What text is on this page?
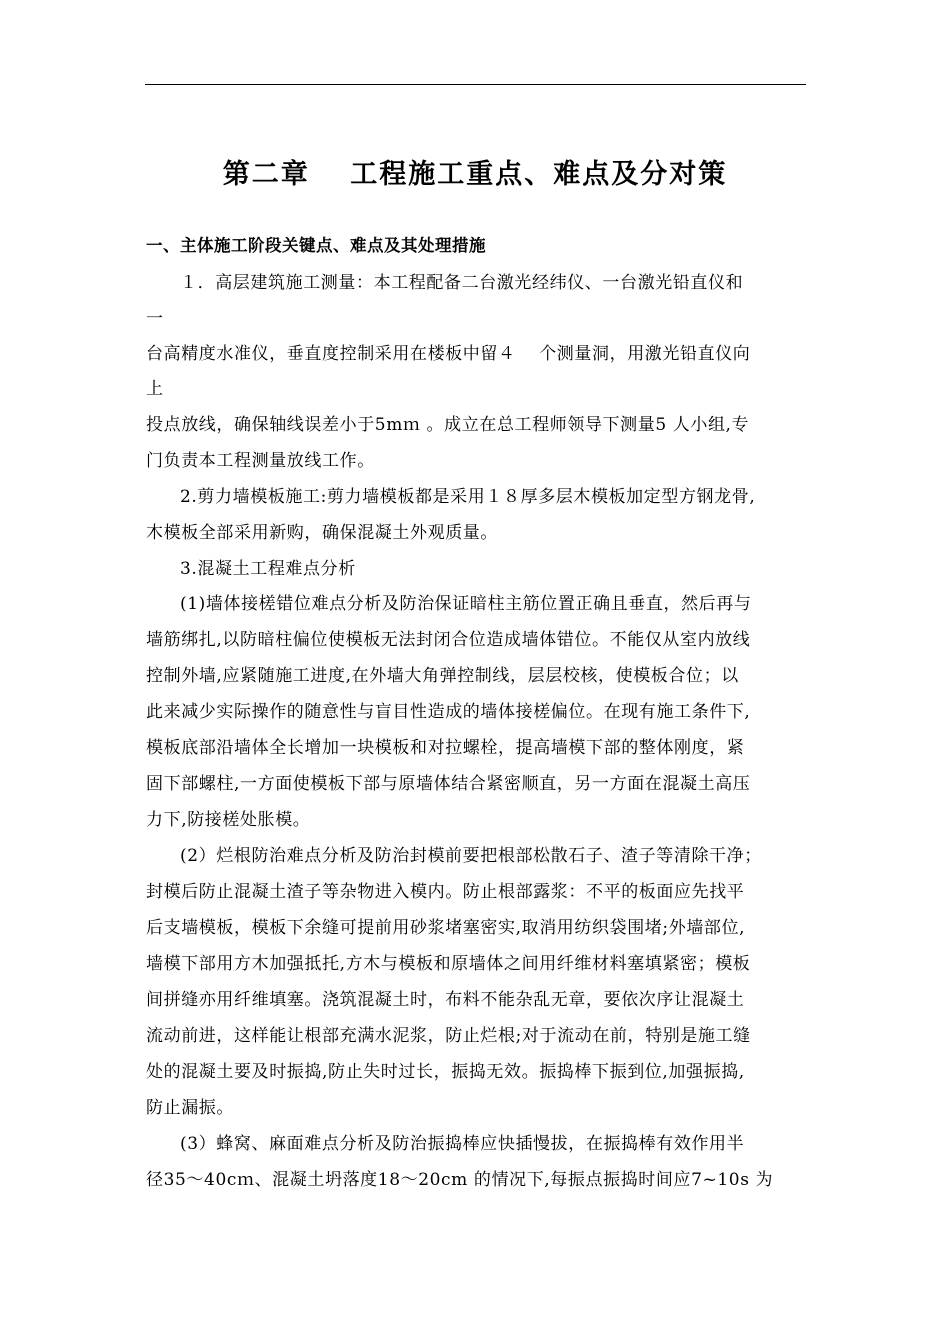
第二章　 工程施工重点、难点及分对策
一、主体施工阶段关键点、难点及其处理措施
１．高层建筑施工测量：本工程配备二台激光经纬仪、一台激光铅直仪和
一
台高精度水准仪，垂直度控制采用在楼板中留４　 个测量洞，用激光铅直仪向
上
投点放线，确保轴线误差小于5mｍ 。成立在总工程师领导下测量5 人小组,专
门负责本工程测量放线工作。
2.剪力墙模板施工:剪力墙模板都是采用１８厚多层木模板加定型方钢龙骨,
木模板全部采用新购，确保混凝土外观质量。
3.混凝土工程难点分析
(1)墙体接槎错位难点分析及防治保证暗柱主筋位置正确且垂直，然后再与
墙筋绑扎,以防暗柱偏位使模板无法封闭合位造成墙体错位。不能仅从室内放线
控制外墙,应紧随施工进度,在外墙大角弹控制线，层层校核，使模板合位；以
此来减少实际操作的随意性与盲目性造成的墙体接槎偏位。在现有施工条件下,
模板底部沿墙体全长增加一块模板和对拉螺栓，提高墙模下部的整体刚度，紧
固下部螺柱,一方面使模板下部与原墙体结合紧密顺直，另一方面在混凝土高压
力下,防接槎处胀模。
(2）烂根防治难点分析及防治封模前要把根部松散石子、渣子等清除干净；
封模后防止混凝土渣子等杂物进入模内。防止根部露浆：不平的板面应先找平
后支墙模板，模板下余缝可提前用砂浆堵塞密实,取消用纺织袋围堵;外墙部位,
墙模下部用方木加强抵托,方木与模板和原墙体之间用纤维材料塞填紧密；模板
间拼缝亦用纤维填塞。浇筑混凝土时，布料不能杂乱无章，要依次序让混凝土
流动前进，这样能让根部充满水泥浆，防止烂根;对于流动在前，特别是施工缝
处的混凝土要及时振捣,防止失时过长，振捣无效。振捣棒下振到位,加强振捣,
防止漏振。
(3）蜂窝、麻面难点分析及防治振捣棒应快插慢拔，在振捣棒有效作用半
径35～40cｍ、混凝土坍落度18～20cm 的情况下,每振点振捣时间应7~10s 为
